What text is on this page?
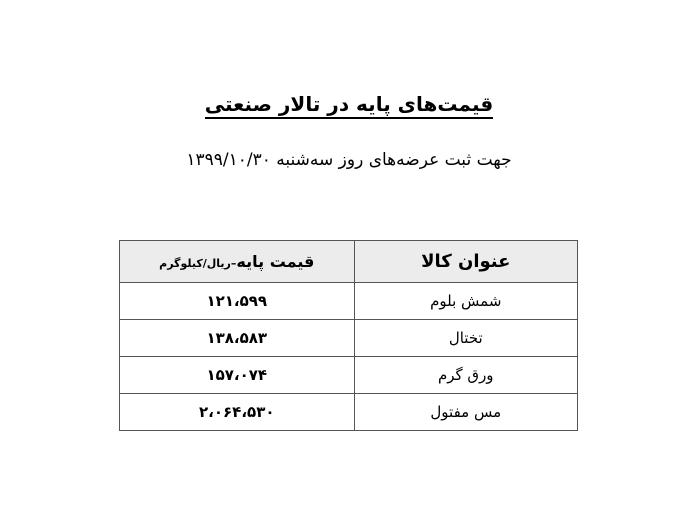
قیمت‌های پایه در تالار صنعتی
جهت ثبت عرضه‌های روز سه‌شنبه ۱۳۹۹/۱۰/۳۰
عنوان کالا	قیمت پایه–ریال/کیلوگرم
شمش بلوم	۱۲۱،۵۹۹
تختال	۱۳۸،۵۸۳
ورق گرم	۱۵۷،۰۷۴
مس مفتول	۲،۰۶۴،۵۳۰
